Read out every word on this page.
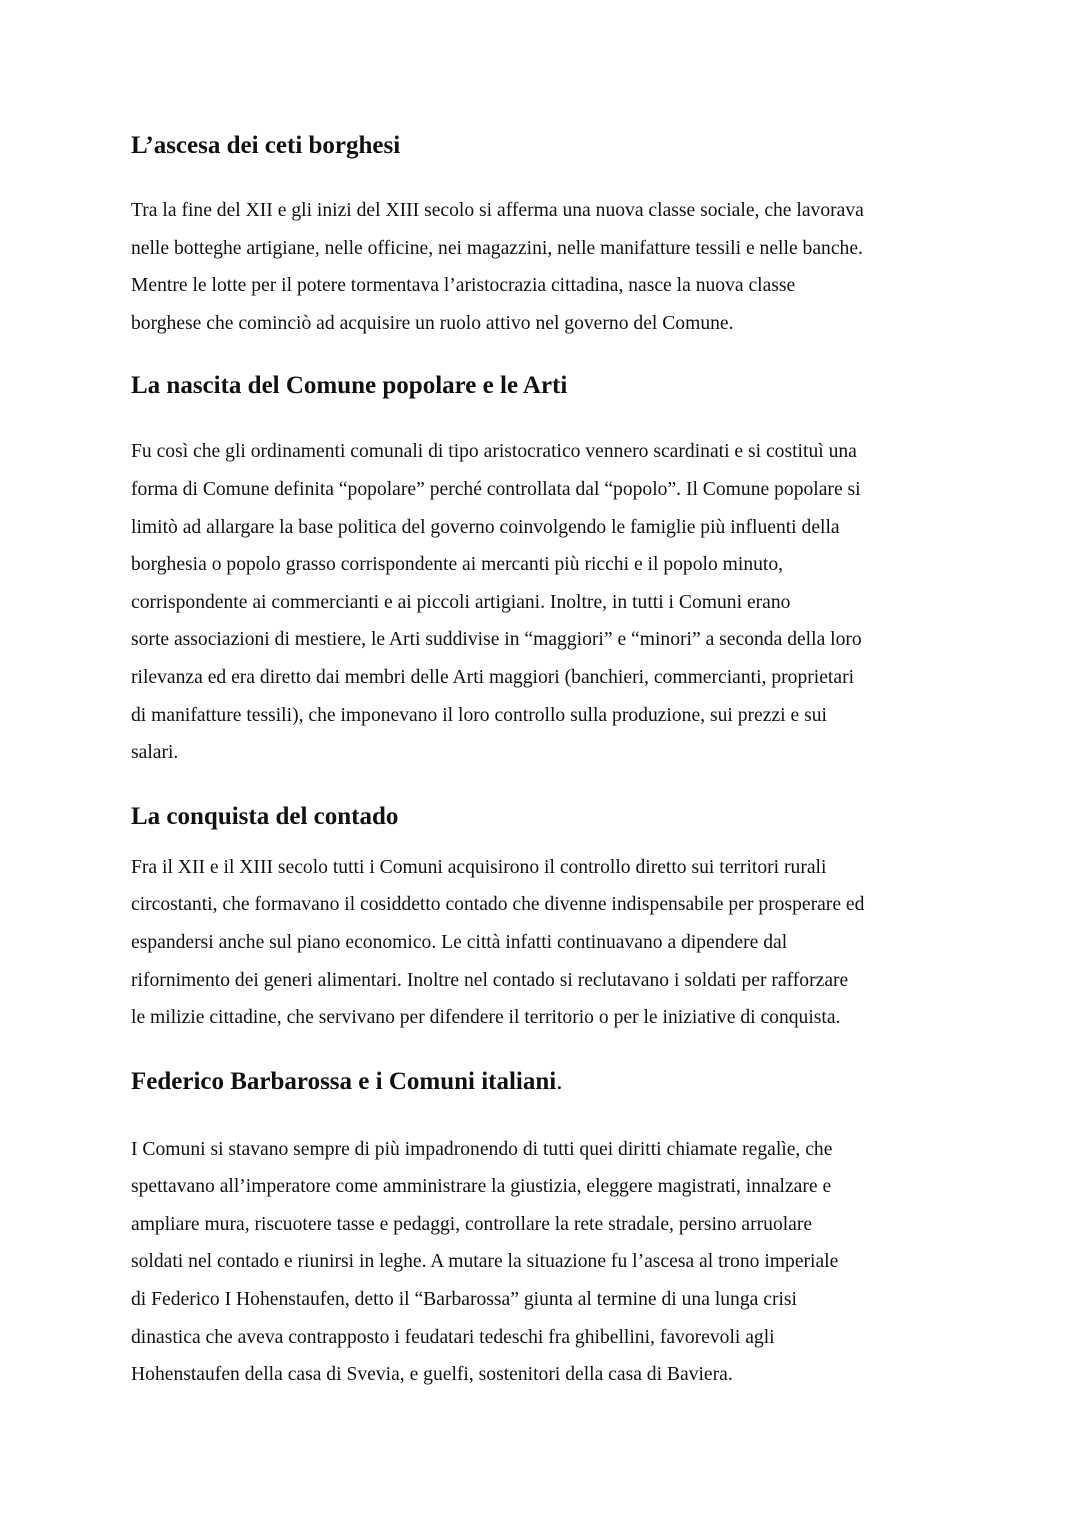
L’ascesa dei ceti borghesi

Tra la fine del XII e gli inizi del XIII secolo si afferma una nuova classe sociale, che lavorava
nelle botteghe artigiane, nelle officine, nei magazzini, nelle manifatture tessili e nelle banche.
Mentre le lotte per il potere tormentava l’aristocrazia cittadina, nasce la nuova classe
borghese che cominciò ad acquisire un ruolo attivo nel governo del Comune.

La nascita del Comune popolare e le Arti

Fu così che gli ordinamenti comunali di tipo aristocratico vennero scardinati e si costituì una
forma di Comune definita “popolare” perché controllata dal “popolo”. Il Comune popolare si
limitò ad allargare la base politica del governo coinvolgendo le famiglie più influenti della
borghesia o popolo grasso corrispondente ai mercanti più ricchi e il popolo minuto,
corrispondente ai commercianti e ai piccoli artigiani. Inoltre, in tutti i Comuni erano
sorte associazioni di mestiere, le Arti suddivise in “maggiori” e “minori” a seconda della loro
rilevanza ed era diretto dai membri delle Arti maggiori (banchieri, commercianti, proprietari
di manifatture tessili), che imponevano il loro controllo sulla produzione, sui prezzi e sui
salari.

La conquista del contado

Fra il XII e il XIII secolo tutti i Comuni acquisirono il controllo diretto sui territori rurali
circostanti, che formavano il cosiddetto contado che divenne indispensabile per prosperare ed
espandersi anche sul piano economico. Le città infatti continuavano a dipendere dal
rifornimento dei generi alimentari. Inoltre nel contado si reclutavano i soldati per rafforzare
le milizie cittadine, che servivano per difendere il territorio o per le iniziative di conquista.

Federico Barbarossa e i Comuni italiani.

I Comuni si stavano sempre di più impadronendo di tutti quei diritti chiamate regalìe, che
spettavano all’imperatore come amministrare la giustizia, eleggere magistrati, innalzare e
ampliare mura, riscuotere tasse e pedaggi, controllare la rete stradale, persino arruolare
soldati nel contado e riunirsi in leghe. A mutare la situazione fu l’ascesa al trono imperiale
di Federico I Hohenstaufen, detto il “Barbarossa” giunta al termine di una lunga crisi
dinastica che aveva contrapposto i feudatari tedeschi fra ghibellini, favorevoli agli
Hohenstaufen della casa di Svevia, e guelfi, sostenitori della casa di Baviera.
